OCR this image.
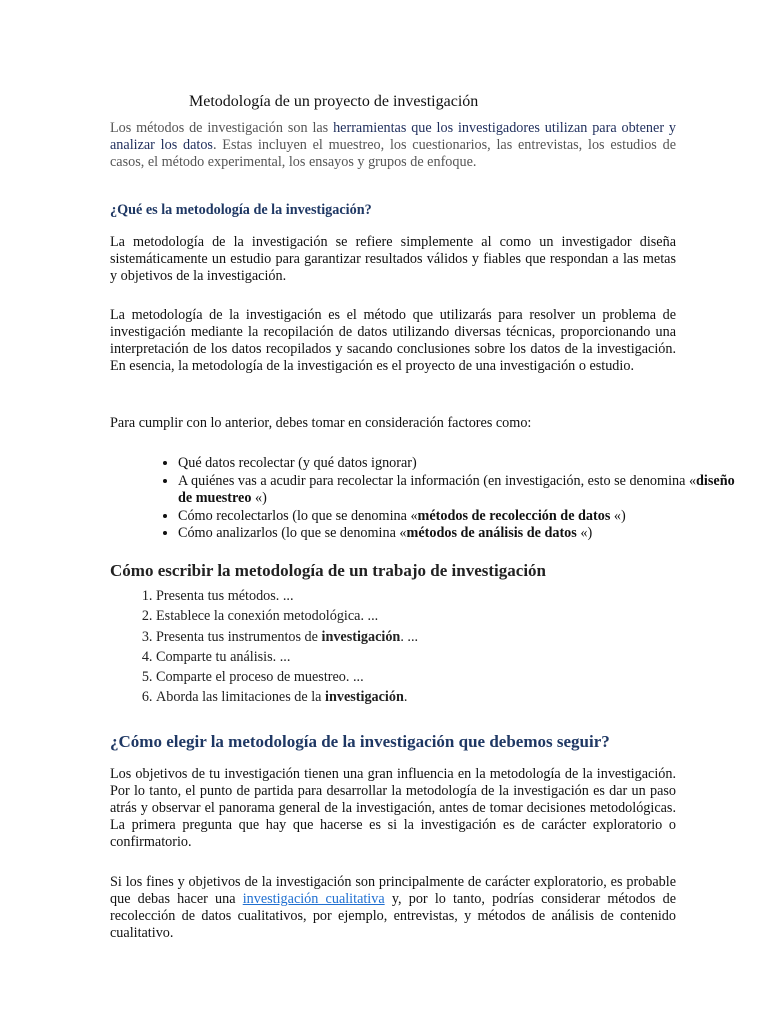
Metodología de un proyecto de investigación

Los métodos de investigación son las herramientas que los investigadores utilizan para obtener y analizar los datos. Estas incluyen el muestreo, los cuestionarios, las entrevistas, los estudios de casos, el método experimental, los ensayos y grupos de enfoque.

¿Qué es la metodología de la investigación?

La metodología de la investigación se refiere simplemente al como un investigador diseña sistemáticamente un estudio para garantizar resultados válidos y fiables que respondan a las metas y objetivos de la investigación.

La metodología de la investigación es el método que utilizarás para resolver un problema de investigación mediante la recopilación de datos utilizando diversas técnicas, proporcionando una interpretación de los datos recopilados y sacando conclusiones sobre los datos de la investigación. En esencia, la metodología de la investigación es el proyecto de una investigación o estudio.

Para cumplir con lo anterior, debes tomar en consideración factores como:

• Qué datos recolectar (y qué datos ignorar)
• A quiénes vas a acudir para recolectar la información (en investigación, esto se denomina «diseño de muestreo «)
• Cómo recolectarlos (lo que se denomina «métodos de recolección de datos «)
• Cómo analizarlos (lo que se denomina «métodos de análisis de datos «)
Cómo escribir la metodología de un trabajo de investigación
1. Presenta tus métodos. ...
2. Establece la conexión metodológica. ...
3. Presenta tus instrumentos de investigación. ...
4. Comparte tu análisis. ...
5. Comparte el proceso de muestreo. ...
6. Aborda las limitaciones de la investigación.
¿Cómo elegir la metodología de la investigación que debemos seguir?

Los objetivos de tu investigación tienen una gran influencia en la metodología de la investigación. Por lo tanto, el punto de partida para desarrollar la metodología de la investigación es dar un paso atrás y observar el panorama general de la investigación, antes de tomar decisiones metodológicas. La primera pregunta que hay que hacerse es si la investigación es de carácter exploratorio o confirmatorio.

Si los fines y objetivos de la investigación son principalmente de carácter exploratorio, es probable que debas hacer una investigación cualitativa y, por lo tanto, podrías considerar métodos de recolección de datos cualitativos, por ejemplo, entrevistas, y métodos de análisis de contenido cualitativo.
